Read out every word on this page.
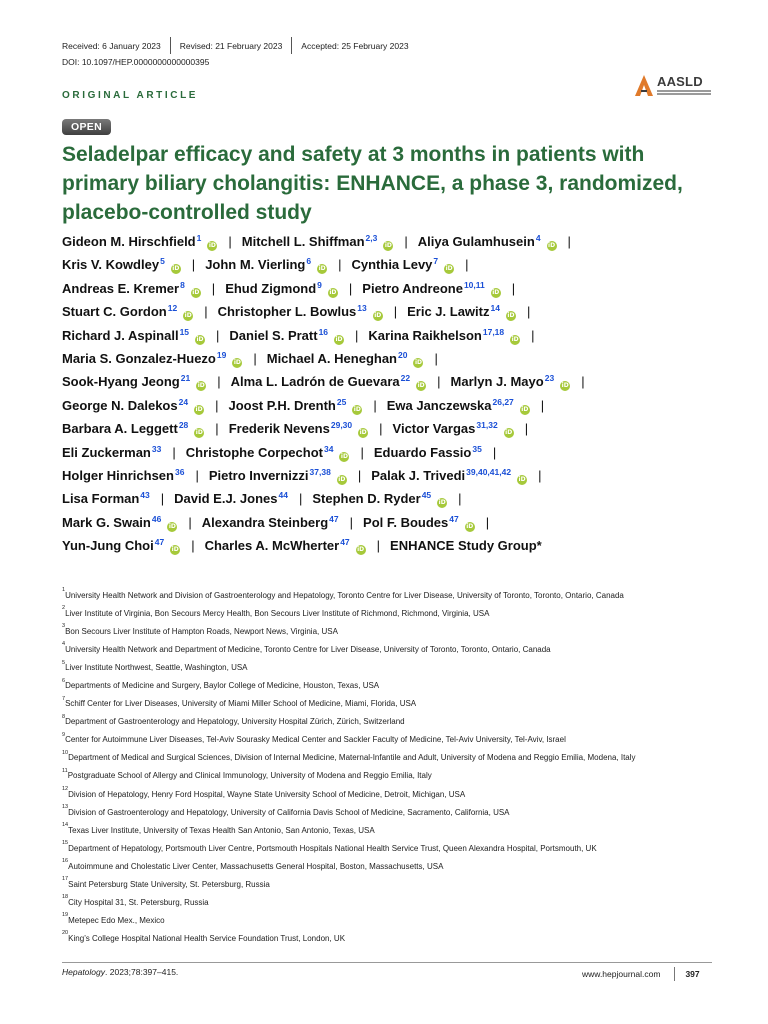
Received: 6 January 2023 Revised: 21 February 2023 Accepted: 25 February 2023
DOI: 10.1097/HEP.0000000000000395
AASLD
ORIGINAL ARTICLE
OPEN
Seladelpar efficacy and safety at 3 months in patients with primary biliary cholangitis: ENHANCE, a phase 3, randomized, placebo-controlled study
Gideon M. Hirschfield$^1$
iD | Mitchell L. Shiffman$^{2,3}$
iD | Aliya Gulamhusein$^4$
iD |
Kris V. Kowdley$^5$
iD | John M. Vierling$^6$
iD | Cynthia Levy$^7$
iD |
Andreas E. Kremer$^8$
iD | Ehud Zigmond$^9$
iD | Pietro Andreone$^{10,11}$
iD |
Stuart C. Gordon$^{12}$
iD | Christopher L. Bowlus$^{13}$
iD | Eric J. Lawitz$^{14}$
iD |
Richard J. Aspinall$^{15}$
iD | Daniel S. Pratt$^{16}$
iD | Karina Raikhelson$^{17,18}$
iD |
Maria S. Gonzalez-Huezo$^{19}$
iD | Michael A. Heneghan$^{20}$
iD |
Sook-Hyang Jeong$^{21}$
iD | Alma L. Ladrón de Guevara$^{22}$
iD | Marlyn J. Mayo$^{23}$
iD |
George N. Dalekos$^{24}$
iD | Joost P.H. Drenth$^{25}$
iD | Ewa Janczewska$^{26,27}$
iD |
Barbara A. Leggett$^{28}$
iD | Frederik Nevens$^{29,30}$
iD | Victor Vargas$^{31,32}$
iD |
Eli Zuckerman$^{33}$ | Christophe Corpechot$^{34}$
iD | Eduardo Fassio$^{35}$ |
Holger Hinrichsen$^{36}$ | Pietro Invernizzi$^{37,38}$
iD | Palak J. Trivedi$^{39,40,41,42}$
iD |
Lisa Forman$^{43}$ | David E.J. Jones$^{44}$ | Stephen D. Ryder$^{45}$
iD |
Mark G. Swain$^{46}$
iD | Alexandra Steinberg$^{47}$ | Pol F. Boudes$^{47}$
iD |
Yun-Jung Choi$^{47}$
iD | Charles A. McWherter$^{47}$
iD | ENHANCE Study Group*
$^1$University Health Network and Division of Gastroenterology and Hepatology, Toronto Centre for Liver Disease, University of Toronto, Toronto, Ontario, Canada
$^2$Liver Institute of Virginia, Bon Secours Mercy Health, Bon Secours Liver Institute of Richmond, Richmond, Virginia, USA
$^3$Bon Secours Liver Institute of Hampton Roads, Newport News, Virginia, USA
$^4$University Health Network and Department of Medicine, Toronto Centre for Liver Disease, University of Toronto, Toronto, Ontario, Canada
$^5$Liver Institute Northwest, Seattle, Washington, USA
$^6$Departments of Medicine and Surgery, Baylor College of Medicine, Houston, Texas, USA
$^7$Schiff Center for Liver Diseases, University of Miami Miller School of Medicine, Miami, Florida, USA
$^8$Department of Gastroenterology and Hepatology, University Hospital Zürich, Zürich, Switzerland
$^9$Center for Autoimmune Liver Diseases, Tel-Aviv Sourasky Medical Center and Sackler Faculty of Medicine, Tel-Aviv University, Tel-Aviv, Israel
$^{10}$Department of Medical and Surgical Sciences, Division of Internal Medicine, Maternal-Infantile and Adult, University of Modena and Reggio Emilia, Modena, Italy
$^{11}$Postgraduate School of Allergy and Clinical Immunology, University of Modena and Reggio Emilia, Italy
$^{12}$Division of Hepatology, Henry Ford Hospital, Wayne State University School of Medicine, Detroit, Michigan, USA
$^{13}$Division of Gastroenterology and Hepatology, University of California Davis School of Medicine, Sacramento, California, USA
$^{14}$Texas Liver Institute, University of Texas Health San Antonio, San Antonio, Texas, USA
$^{15}$Department of Hepatology, Portsmouth Liver Centre, Portsmouth Hospitals National Health Service Trust, Queen Alexandra Hospital, Portsmouth, UK
$^{16}$Autoimmune and Cholestatic Liver Center, Massachusetts General Hospital, Boston, Massachusetts, USA
$^{17}$Saint Petersburg State University, St. Petersburg, Russia
$^{18}$City Hospital 31, St. Petersburg, Russia
$^{19}$Metepec Edo Mex., Mexico
$^{20}$King’s College Hospital National Health Service Foundation Trust, London, UK
Hepatology. 2023;78:397–415.	www.hepjournal.com	397
